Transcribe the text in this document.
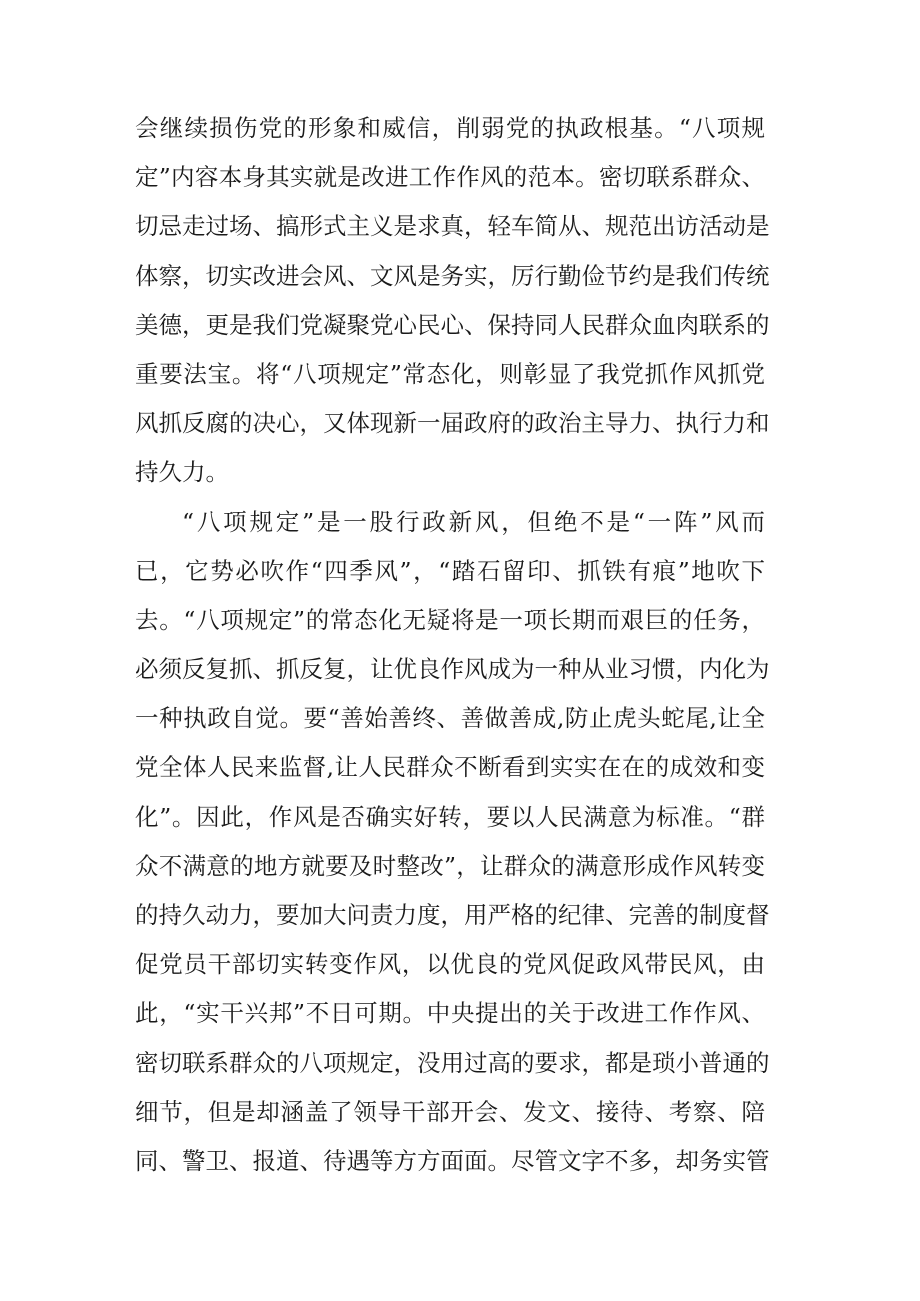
会继续损伤党的形象和威信，削弱党的执政根基。“八项规
定”内容本身其实就是改进工作作风的范本。密切联系群众、
切忌走过场、搞形式主义是求真，轻车简从、规范出访活动是
体察，切实改进会风、文风是务实，厉行勤俭节约是我们传统
美德，更是我们党凝聚党心民心、保持同人民群众血肉联系的
重要法宝。将“八项规定”常态化，则彰显了我党抓作风抓党
风抓反腐的决心，又体现新一届政府的政治主导力、执行力和
持久力。
“八项规定”是一股行政新风，但绝不是“一阵”风而
已，它势必吹作“四季风”，“踏石留印、抓铁有痕”地吹下
去。“八项规定”的常态化无疑将是一项长期而艰巨的任务，
必须反复抓、抓反复，让优良作风成为一种从业习惯，内化为
一种执政自觉。要“善始善终、善做善成,防止虎头蛇尾,让全
党全体人民来监督,让人民群众不断看到实实在在的成效和变
化”。因此，作风是否确实好转，要以人民满意为标准。“群
众不满意的地方就要及时整改”，让群众的满意形成作风转变
的持久动力，要加大问责力度，用严格的纪律、完善的制度督
促党员干部切实转变作风，以优良的党风促政风带民风，由
此，“实干兴邦”不日可期。中央提出的关于改进工作作风、
密切联系群众的八项规定，没用过高的要求，都是琐小普通的
细节，但是却涵盖了领导干部开会、发文、接待、考察、陪
同、警卫、报道、待遇等方方面面。尽管文字不多，却务实管
